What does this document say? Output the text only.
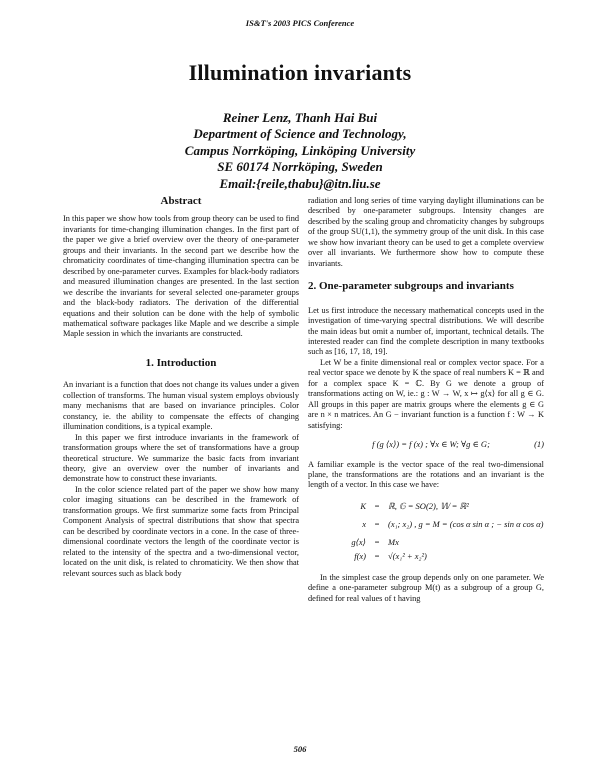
IS&T's 2003 PICS Conference
Illumination invariants
Reiner Lenz, Thanh Hai Bui
Department of Science and Technology,
Campus Norrköping, Linköping University
SE 60174 Norrköping, Sweden
Email:{reile,thabu}@itn.liu.se
Abstract

In this paper we show how tools from group theory can be used to find invariants for time-changing illumination changes. In the first part of the paper we give a brief overview over the theory of one-parameter groups and their invariants. In the second part we describe how the chromaticity coordinates of time-changing illumination spectra can be described by one-parameter curves. Examples for black-body radiators and measured illumination changes are presented. In the last section we describe the invariants for several selected one-parameter groups and the black-body radiators. The derivation of the differential equations and their solution can be done with the help of symbolic mathematical software packages like Maple and we describe a simple Maple session in which the invariants are constructed.

1. Introduction

An invariant is a function that does not change its values under a given collection of transforms. The human visual system employs obviously many mechanisms that are based on invariance principles. Color constancy, ie. the ability to compensate the effects of changing illumination conditions, is a typical example.

In this paper we first introduce invariants in the framework of transformation groups where the set of transformations have a group theoretical structure. We summarize the basic facts from invariant theory, give an overview over the number of invariants and demonstrate how to construct these invariants.

In the color science related part of the paper we show how many color imaging situations can be described in the framework of transformation groups. We first summarize some facts from Principal Component Analysis of spectral distributions that show that spectra can be described by coordinate vectors in a cone. In the case of three-dimensional coordinate vectors the length of the coordinate vector is related to the intensity of the spectra and a two-dimensional vector, located on the unit disk, is related to chromaticity. We then show that relevant sources such as black body

radiation and long series of time varying daylight illuminations can be described by one-parameter subgroups. Intensity changes are described by the scaling group and chromaticity changes by subgroups of the group SU(1,1), the symmetry group of the unit disk. In this case we show how invariant theory can be used to get a complete overview over all invariants. We furthermore show how to compute these invariants.

2. One-parameter subgroups and invariants

Let us first introduce the necessary mathematical concepts used in the investigation of time-varying spectral distributions. We will describe the main ideas but omit a number of, important, technical details. The interested reader can find the complete description in many textbooks such as [16, 17, 18, 19].

Let W be a finite dimensional real or complex vector space. For a real vector space we denote by K the space of real numbers K = ℝ and for a complex space K = ℂ. By G we denote a group of transformations acting on W, ie.: g : W → W, x ↦ g⟨x⟩ for all g ∈ G. All groups in this paper are matrix groups where the elements g ∈ G are n × n matrices. An G − invariant function is a function f : W → K satisfying:

f (g ⟨x⟩) = f (x) ; ∀x ∈ W; ∀g ∈ G;	(1)

A familiar example is the vector space of the real two-dimensional plane, the transformations are the rotations and an invariant is the length of a vector. In this case we have:

K	=	ℝ, 𝔾 = SO(2), 𝕎 = ℝ²
x	=	(x₁; x₂) , g = M = (cos α sin α ; − sin α cos α)
g⟨x⟩	=	Mx
f(x)	=	√(x₁² + x₂²)

In the simplest case the group depends only on one parameter. We define a one-parameter subgroup M(t) as a subgroup of a group G, defined for real values of t having

506
